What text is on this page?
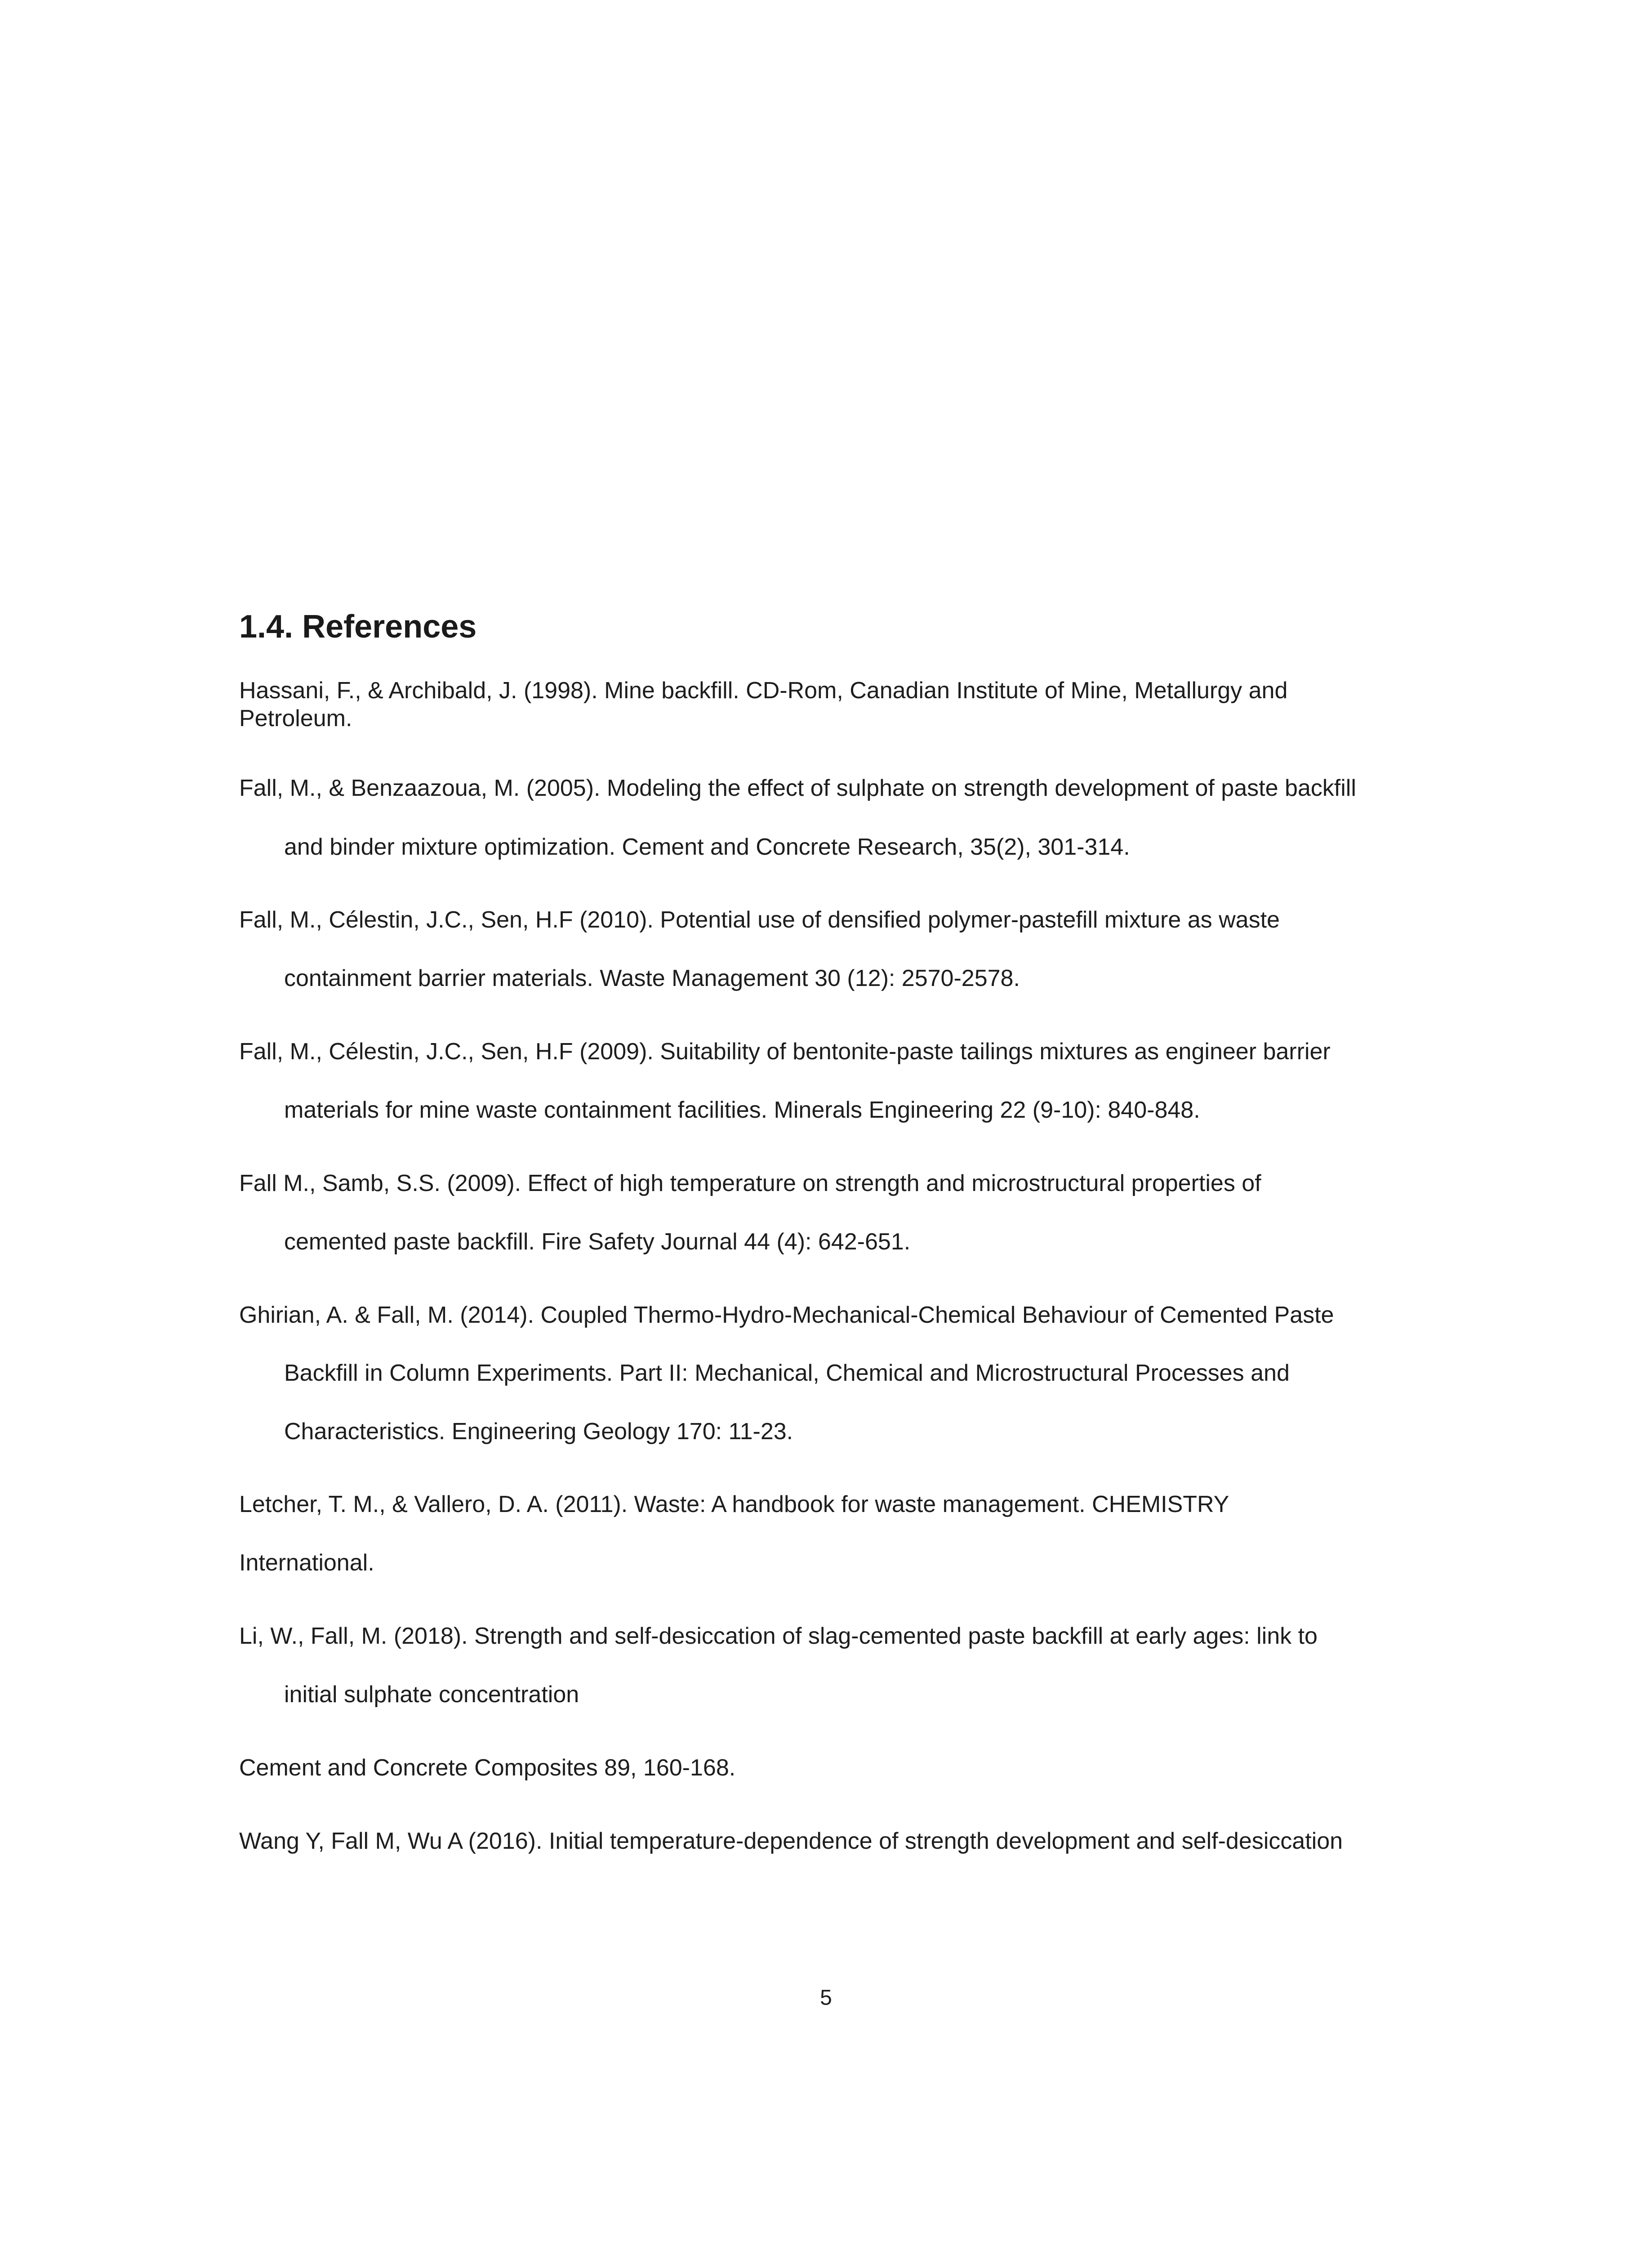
1.4. References
Hassani, F., & Archibald, J. (1998). Mine backfill. CD-Rom, Canadian Institute of Mine, Metallurgy and
Petroleum.
Fall, M., & Benzaazoua, M. (2005). Modeling the effect of sulphate on strength development of paste backfill
and binder mixture optimization. Cement and Concrete Research, 35(2), 301-314.
Fall, M., Célestin, J.C., Sen, H.F (2010). Potential use of densified polymer-pastefill mixture as waste
containment barrier materials. Waste Management 30 (12): 2570-2578.
Fall, M., Célestin, J.C., Sen, H.F (2009). Suitability of bentonite-paste tailings mixtures as engineer barrier
materials for mine waste containment facilities. Minerals Engineering 22 (9-10): 840-848.
Fall M., Samb, S.S. (2009). Effect of high temperature on strength and microstructural properties of
cemented paste backfill. Fire Safety Journal 44 (4): 642-651.
Ghirian, A. & Fall, M. (2014). Coupled Thermo-Hydro-Mechanical-Chemical Behaviour of Cemented Paste
Backfill in Column Experiments. Part II: Mechanical, Chemical and Microstructural Processes and
Characteristics. Engineering Geology 170: 11-23.
Letcher, T. M., & Vallero, D. A. (2011). Waste: A handbook for waste management. CHEMISTRY
International.
Li, W., Fall, M. (2018). Strength and self-desiccation of slag-cemented paste backfill at early ages: link to
initial sulphate concentration
Cement and Concrete Composites 89, 160-168.
Wang Y, Fall M, Wu A (2016). Initial temperature-dependence of strength development and self-desiccation
5
